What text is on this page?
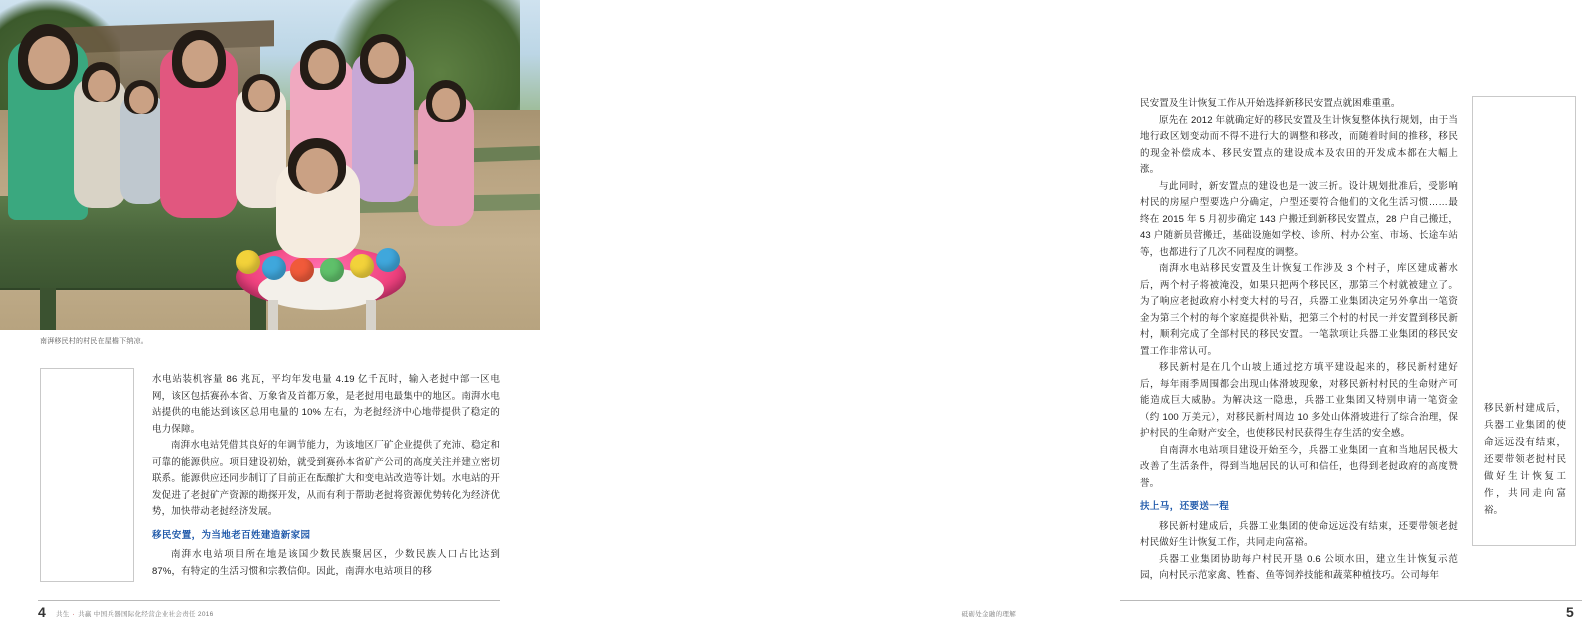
南湃移民村的村民在屋檐下纳凉。

水电站装机容量 86 兆瓦，平均年发电量 4.19 亿千瓦时，输入老挝中部一区电网，该区包括赛孙本省、万象省及首都万象，是老挝用电最集中的地区。南湃水电站提供的电能达到该区总用电量的 10% 左右，为老挝经济中心地带提供了稳定的电力保障。

南湃水电站凭借其良好的年调节能力，为该地区厂矿企业提供了充沛、稳定和可靠的能源供应。项目建设初始，就受到赛孙本省矿产公司的高度关注并建立密切联系。能源供应还同步制订了目前正在酝酿扩大和变电站改造等计划。水电站的开发促进了老挝矿产资源的勘探开发，从而有利于帮助老挝将资源优势转化为经济优势，加快带动老挝经济发展。

移民安置，为当地老百姓建造新家园

南湃水电站项目所在地是该国少数民族聚居区，少数民族人口占比达到 87%，有特定的生活习惯和宗教信仰。因此，南湃水电站项目的移

4 共生 · 共赢 中国兵器国际化经营企业社会责任 2016

民安置及生计恢复工作从开始选择新移民安置点就困难重重。

原先在 2012 年就确定好的移民安置及生计恢复整体执行规划，由于当地行政区划变动而不得不进行大的调整和移改，而随着时间的推移，移民的现金补偿成本、移民安置点的建设成本及农田的开发成本都在大幅上涨。

与此同时，新安置点的建设也是一波三折。设计规划批准后，受影响村民的房屋户型要选户分确定，户型还要符合他们的文化生活习惯……最终在 2015 年 5 月初步确定 143 户搬迁到新移民安置点，28 户自己搬迁，43 户随新员营搬迁，基础设施如学校、诊所、村办公室、市场、长途车站等，也都进行了几次不同程度的调整。

南湃水电站移民安置及生计恢复工作涉及 3 个村子，库区建成蓄水后，两个村子将被淹没，如果只把两个移民区，那第三个村就被建立了。为了响应老挝政府小村变大村的号召，兵器工业集团决定另外拿出一笔资金为第三个村的每个家庭提供补贴，把第三个村的村民一并安置到移民新村，顺利完成了全部村民的移民安置。一笔款项让兵器工业集团的移民安置工作非常认可。

移民新村是在几个山坡上通过挖方填平建设起来的，移民新村建好后，每年雨季周围都会出现山体滑坡现象，对移民新村村民的生命财产可能造成巨大威胁。为解决这一隐患，兵器工业集团又特别申请一笔资金（约 100 万美元），对移民新村周边 10 多处山体滑坡进行了综合治理，保护村民的生命财产安全，也使移民村民获得生存生活的安全感。

自南湃水电站项目建设开始至今，兵器工业集团一直和当地居民极大改善了生活条件，得到当地居民的认可和信任，也得到老挝政府的高度赞誉。

扶上马，还要送一程

移民新村建成后，兵器工业集团的使命远远没有结束，还要带领老挝村民做好生计恢复工作，共同走向富裕。

兵器工业集团协助每户村民开垦 0.6 公顷水田，建立生计恢复示范园，向村民示范家禽、牲畜、鱼等饲养技能和蔬菜种植技巧。公司每年

移民新村建成后，兵器工业集团的使命远远没有结束，还要带领老挝村民做好生计恢复工作，共同走向富裕。
砥砺处金融的理解	5
